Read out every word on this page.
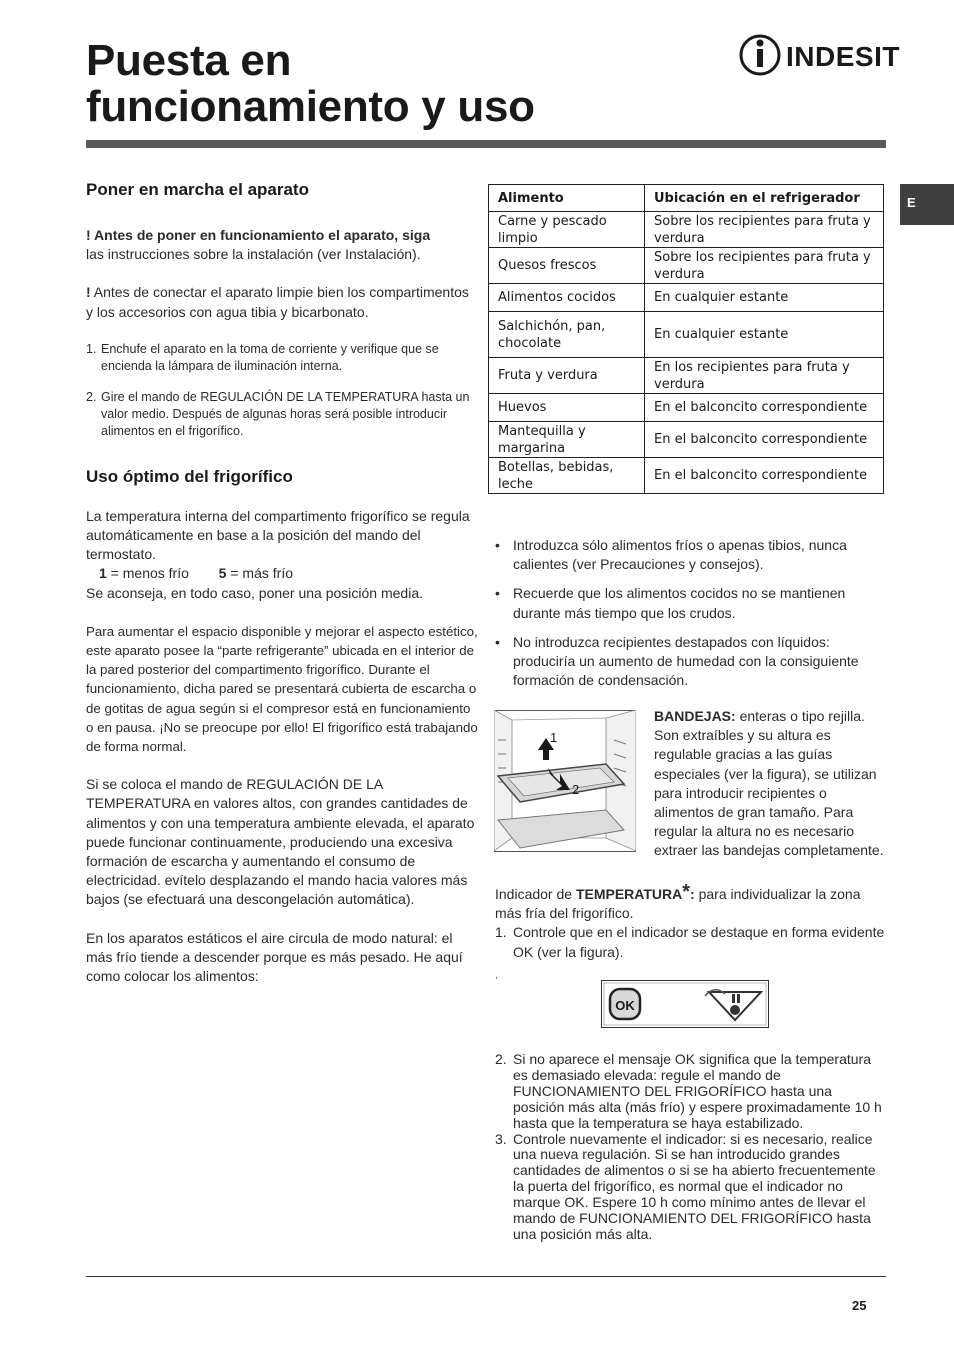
Puesta en
funcionamiento y uso
INDESIT
E
Poner en marcha el aparato

! Antes de poner en funcionamiento el aparato, siga
las instrucciones sobre la instalación (ver Instalación).

! Antes de conectar el aparato limpie bien los compartimentos y los accesorios con agua tibia y bicarbonato.

1. Enchufe el aparato en la toma de corriente y verifique que se encienda la lámpara de iluminación interna.
2. Gire el mando de REGULACIÓN DE LA TEMPERATURA hasta un valor medio. Después de algunas horas será posible introducir alimentos en el frigorífico.
Uso óptimo del frigorífico

La temperatura interna del compartimento frigorífico se regula automáticamente en base a la posición del mando del termostato.
1 = menos frío 5 = más frío
Se aconseja, en todo caso, poner una posición media.

Para aumentar el espacio disponible y mejorar el aspecto estético, este aparato posee la “parte refrigerante” ubicada en el interior de la pared posterior del compartimento frigorífico. Durante el funcionamiento, dicha pared se presentará cubierta de escarcha o de gotitas de agua según si el compresor está en funcionamiento o en pausa. ¡No se preocupe por ello! El frigorífico está trabajando de forma normal.

Si se coloca el mando de REGULACIÓN DE LA TEMPERATURA en valores altos, con grandes cantidades de alimentos y con una temperatura ambiente elevada, el aparato puede funcionar continuamente, produciendo una excesiva formación de escarcha y aumentando el consumo de electricidad. evítelo desplazando el mando hacia valores más bajos (se efectuará una descongelación automática).

En los aparatos estáticos el aire circula de modo natural: el más frío tiende a descender porque es más pesado. He aquí como colocar los alimentos:

Alimento	Ubicación en el refrigerador
Carne y pescado limpio	Sobre los recipientes para fruta y verdura
Quesos frescos	Sobre los recipientes para fruta y verdura
Alimentos cocidos	En cualquier estante
Salchichón, pan, chocolate	En cualquier estante
Fruta y verdura	En los recipientes para fruta y verdura
Huevos	En el balconcito correspondiente
Mantequilla y margarina	En el balconcito correspondiente
Botellas, bebidas, leche	En el balconcito correspondiente
• Introduzca sólo alimentos fríos o apenas tibios, nunca calientes (ver Precauciones y consejos).
• Recuerde que los alimentos cocidos no se mantienen durante más tiempo que los crudos.
• No introduzca recipientes destapados con líquidos: produciría un aumento de humedad con la consiguiente formación de condensación.
1
2

BANDEJAS: enteras o tipo rejilla. Son extraíbles y su altura es regulable gracias a las guías especiales (ver la figura), se utilizan para introducir recipientes o alimentos de gran tamaño. Para regular la altura no es necesario extraer las bandejas completamente.

Indicador de TEMPERATURA*: para individualizar la zona más fría del frigorífico.

1. Controle que en el indicador se destaque en forma evidente OK (ver la figura).
,
OK
2. Si no aparece el mensaje OK significa que la temperatura es demasiado elevada: regule el mando de FUNCIONAMIENTO DEL FRIGORÍFICO hasta una posición más alta (más frío) y espere proximadamente 10 h hasta que la temperatura se haya estabilizado.
3. Controle nuevamente el indicador: si es necesario, realice una nueva regulación. Si se han introducido grandes cantidades de alimentos o si se ha abierto frecuentemente la puerta del frigorífico, es normal que el indicador no marque OK. Espere 10 h como mínimo antes de llevar el mando de FUNCIONAMIENTO DEL FRIGORÍFICO hasta una posición más alta.
25
